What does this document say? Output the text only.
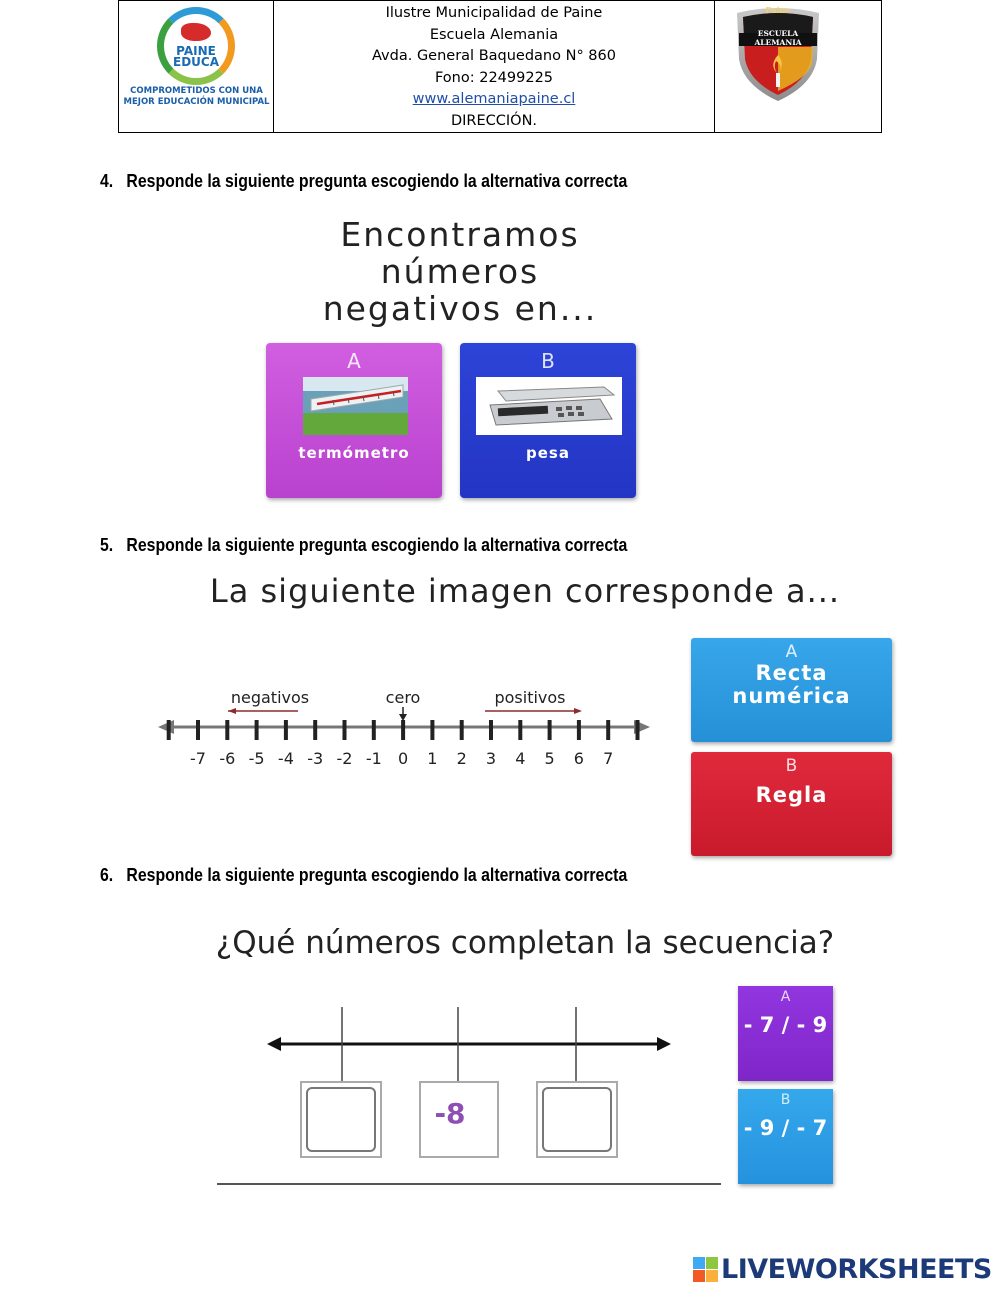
PAINE
EDUCA
COMPROMETIDOS CON UNA
MEJOR EDUCACIÓN MUNICIPAL
Ilustre Municipalidad de Paine
Escuela Alemania
Avda. General Baquedano N° 860
Fono: 22499225
www.alemaniapaine.cl
DIRECCIÓN.
Paine
ESCUELA ALEMANIA
4. Responde la siguiente pregunta escogiendo la alternativa correcta
Encontramos
números
negativos en...
A
termómetro
B
pesa
5. Responde la siguiente pregunta escogiendo la alternativa correcta
La siguiente imagen corresponde a...
-7 -6 -5 -4 -3 -2 -1 0 1 2 3 4 5 6 7
negativos	cero	positivos
A
Recta
numérica
B
Regla
6. Responde la siguiente pregunta escogiendo la alternativa correcta
¿Qué números completan la secuencia?
-8
A
- 7 / - 9
B
- 9 / - 7
LIVEWORKSHEETS
